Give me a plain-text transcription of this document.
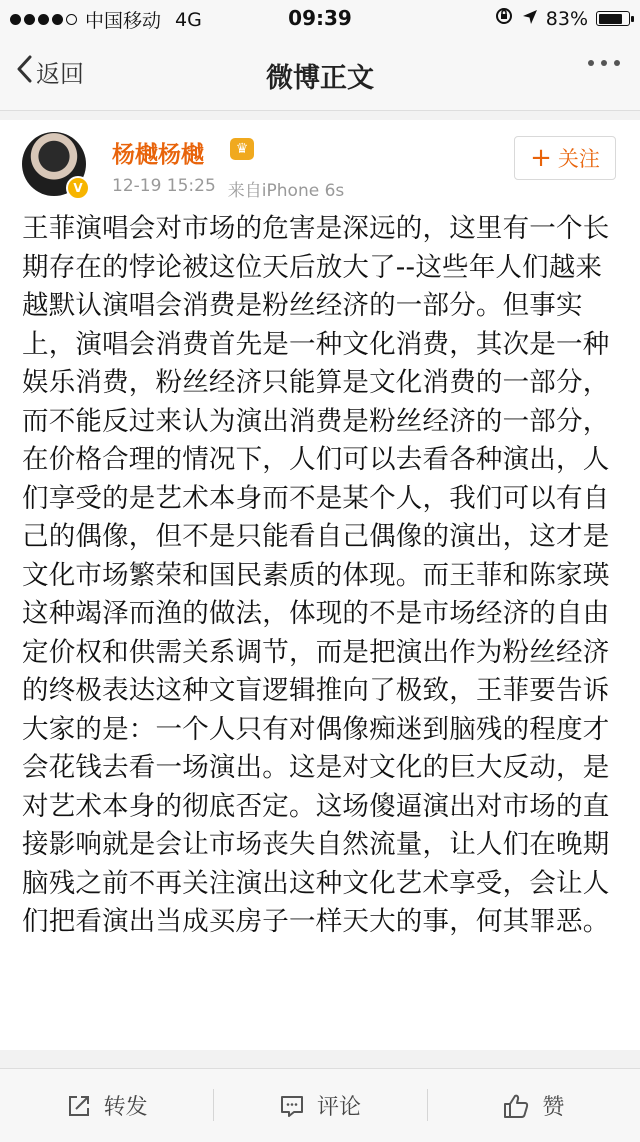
中国移动 4G	09:39	83%
返回	微博正文
V
杨樾杨樾	♛
12-19 15:25 来自iPhone 6s
+ 关注
王菲演唱会对市场的危害是深远的，这里有一个长期存在的悖论被这位天后放大了--这些年人们越来越默认演唱会消费是粉丝经济的一部分。但事实上，演唱会消费首先是一种文化消费，其次是一种娱乐消费，粉丝经济只能算是文化消费的一部分，而不能反过来认为演出消费是粉丝经济的一部分，在价格合理的情况下，人们可以去看各种演出，人们享受的是艺术本身而不是某个人，我们可以有自己的偶像，但不是只能看自己偶像的演出，这才是文化市场繁荣和国民素质的体现。而王菲和陈家瑛这种竭泽而渔的做法，体现的不是市场经济的自由定价权和供需关系调节，而是把演出作为粉丝经济的终极表达这种文盲逻辑推向了极致，王菲要告诉大家的是：一个人只有对偶像痴迷到脑残的程度才会花钱去看一场演出。这是对文化的巨大反动，是对艺术本身的彻底否定。这场傻逼演出对市场的直接影响就是会让市场丧失自然流量，让人们在晚期脑残之前不再关注演出这种文化艺术享受，会让人们把看演出当成买房子一样天大的事，何其罪恶。
转发	评论	赞
